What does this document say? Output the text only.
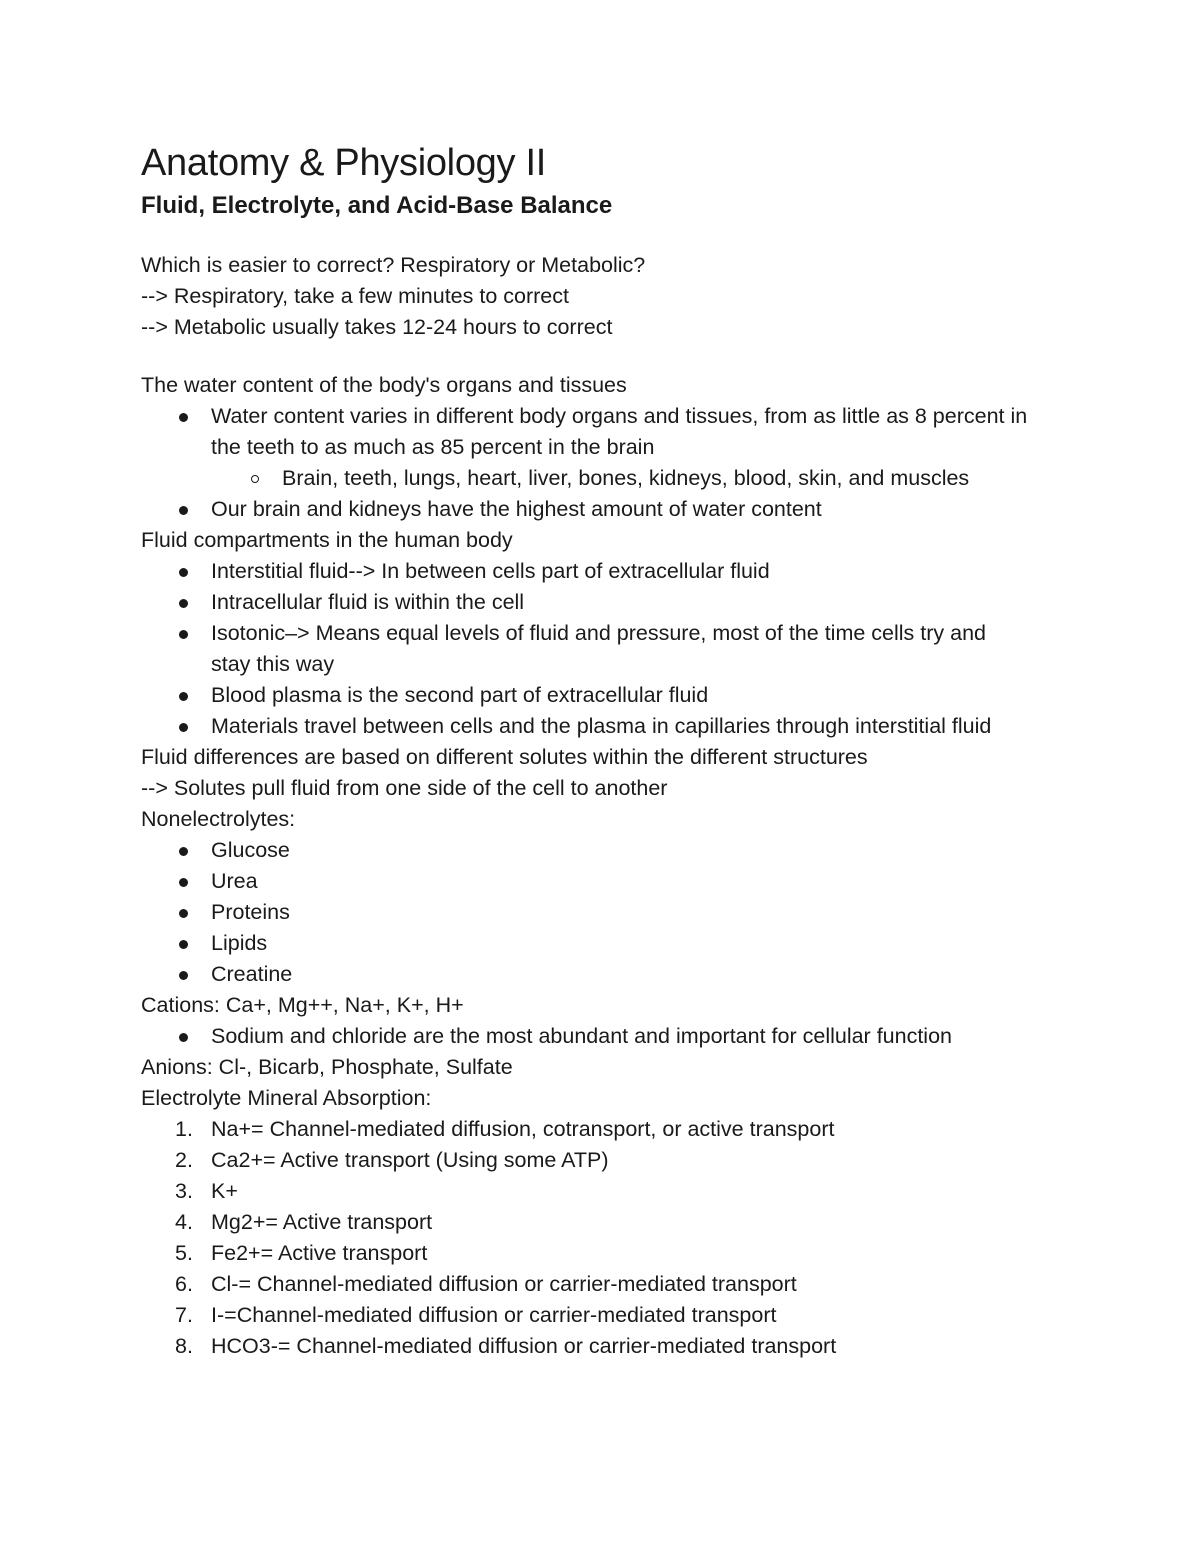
Anatomy & Physiology II
Fluid, Electrolyte, and Acid-Base Balance

Which is easier to correct? Respiratory or Metabolic?

--> Respiratory, take a few minutes to correct

--> Metabolic usually takes 12-24 hours to correct

The water content of the body's organs and tissues

Water content varies in different body organs and tissues, from as little as 8 percent in the teeth to as much as 85 percent in the brain
Brain, teeth, lungs, heart, liver, bones, kidneys, blood, skin, and muscles
Our brain and kidneys have the highest amount of water content

Fluid compartments in the human body

Interstitial fluid--> In between cells part of extracellular fluid
Intracellular fluid is within the cell
Isotonic–> Means equal levels of fluid and pressure, most of the time cells try and stay this way
Blood plasma is the second part of extracellular fluid
Materials travel between cells and the plasma in capillaries through interstitial fluid

Fluid differences are based on different solutes within the different structures

--> Solutes pull fluid from one side of the cell to another

Nonelectrolytes:

Glucose
Urea
Proteins
Lipids
Creatine

Cations: Ca+, Mg++, Na+, K+, H+

Sodium and chloride are the most abundant and important for cellular function

Anions: Cl-, Bicarb, Phosphate, Sulfate

Electrolyte Mineral Absorption:

1. Na+= Channel-mediated diffusion, cotransport, or active transport
2. Ca2+= Active transport (Using some ATP)
3. K+
4. Mg2+= Active transport
5. Fe2+= Active transport
6. Cl-= Channel-mediated diffusion or carrier-mediated transport
7. I-=Channel-mediated diffusion or carrier-mediated transport
8. HCO3-= Channel-mediated diffusion or carrier-mediated transport
